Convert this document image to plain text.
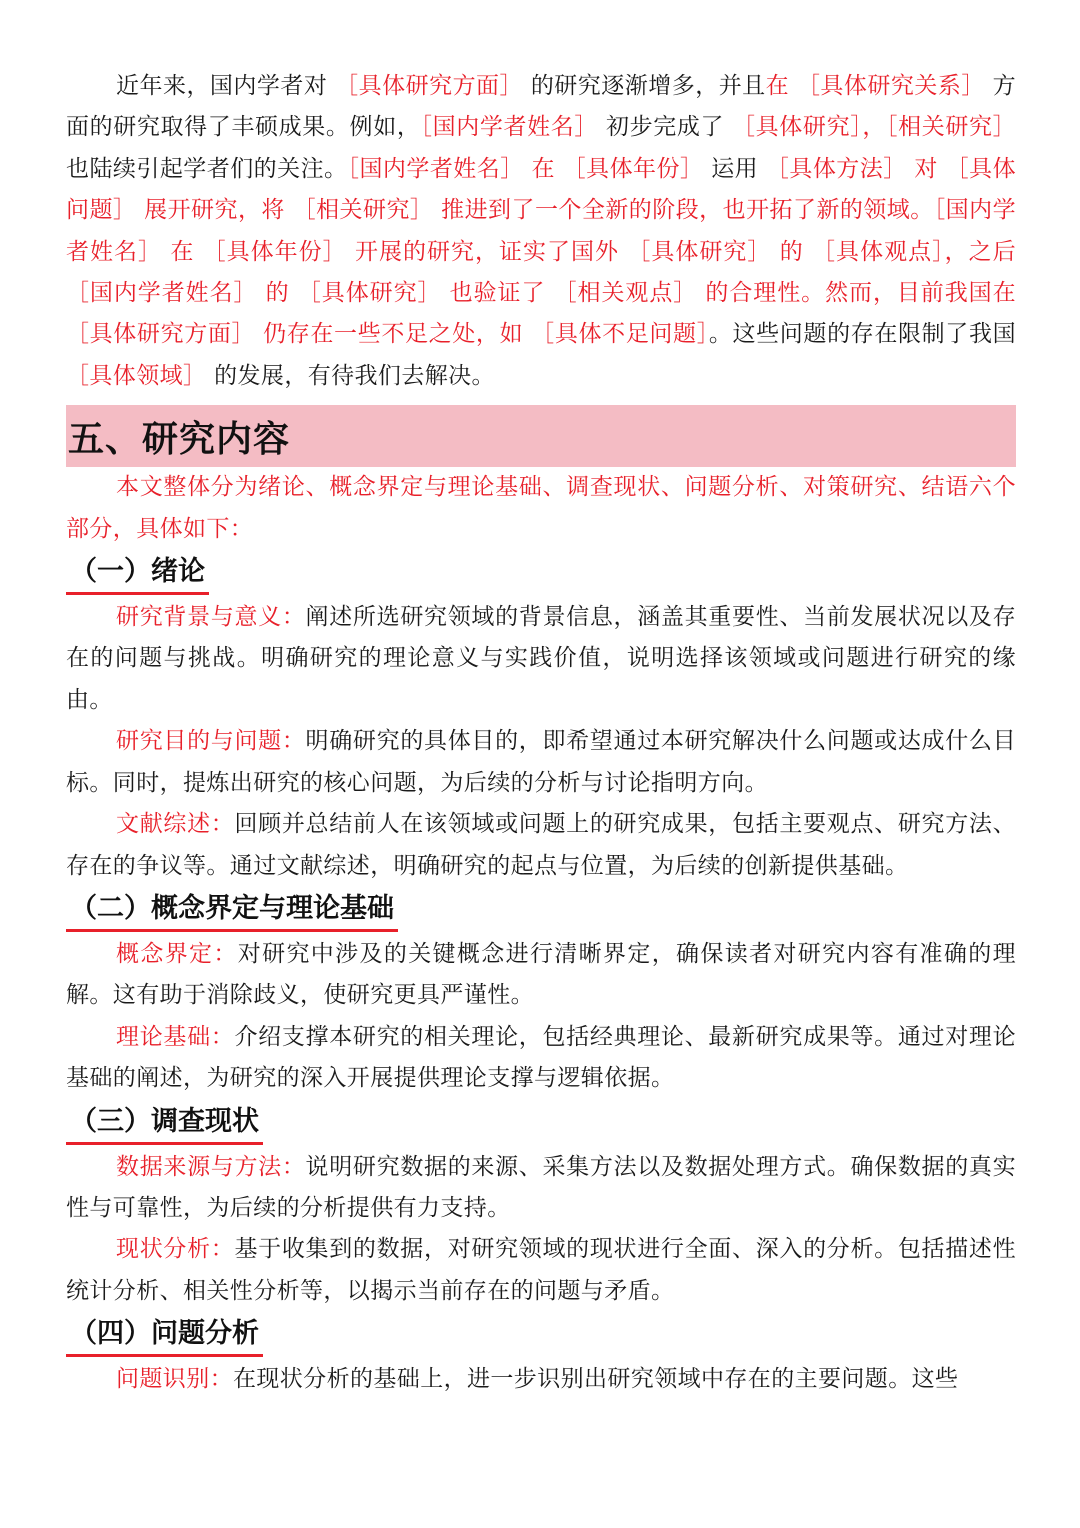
近年来，国内学者对 ［具体研究方面］ 的研究逐渐增多，并且在 ［具体研究关系］ 方面的研究取得了丰硕成果。例如，［国内学者姓名］ 初步完成了 ［具体研究］，［相关研究］ 也陆续引起学者们的关注。［国内学者姓名］ 在 ［具体年份］ 运用 ［具体方法］ 对 ［具体问题］ 展开研究，将 ［相关研究］ 推进到了一个全新的阶段，也开拓了新的领域。［国内学者姓名］ 在 ［具体年份］ 开展的研究，证实了国外 ［具体研究］ 的 ［具体观点］，之后 ［国内学者姓名］ 的 ［具体研究］ 也验证了 ［相关观点］ 的合理性。然而，目前我国在 ［具体研究方面］ 仍存在一些不足之处，如 ［具体不足问题］。这些问题的存在限制了我国 ［具体领域］ 的发展，有待我们去解决。

五、研究内容

本文整体分为绪论、概念界定与理论基础、调查现状、问题分析、对策研究、结语六个部分，具体如下：

（一）绪论

研究背景与意义：阐述所选研究领域的背景信息，涵盖其重要性、当前发展状况以及存在的问题与挑战。明确研究的理论意义与实践价值，说明选择该领域或问题进行研究的缘由。

研究目的与问题：明确研究的具体目的，即希望通过本研究解决什么问题或达成什么目标。同时，提炼出研究的核心问题，为后续的分析与讨论指明方向。

文献综述：回顾并总结前人在该领域或问题上的研究成果，包括主要观点、研究方法、存在的争议等。通过文献综述，明确研究的起点与位置，为后续的创新提供基础。

（二）概念界定与理论基础

概念界定：对研究中涉及的关键概念进行清晰界定，确保读者对研究内容有准确的理解。这有助于消除歧义，使研究更具严谨性。

理论基础：介绍支撑本研究的相关理论，包括经典理论、最新研究成果等。通过对理论基础的阐述，为研究的深入开展提供理论支撑与逻辑依据。

（三）调查现状

数据来源与方法：说明研究数据的来源、采集方法以及数据处理方式。确保数据的真实性与可靠性，为后续的分析提供有力支持。

现状分析：基于收集到的数据，对研究领域的现状进行全面、深入的分析。包括描述性统计分析、相关性分析等，以揭示当前存在的问题与矛盾。

（四）问题分析

问题识别：在现状分析的基础上，进一步识别出研究领域中存在的主要问题。这些
